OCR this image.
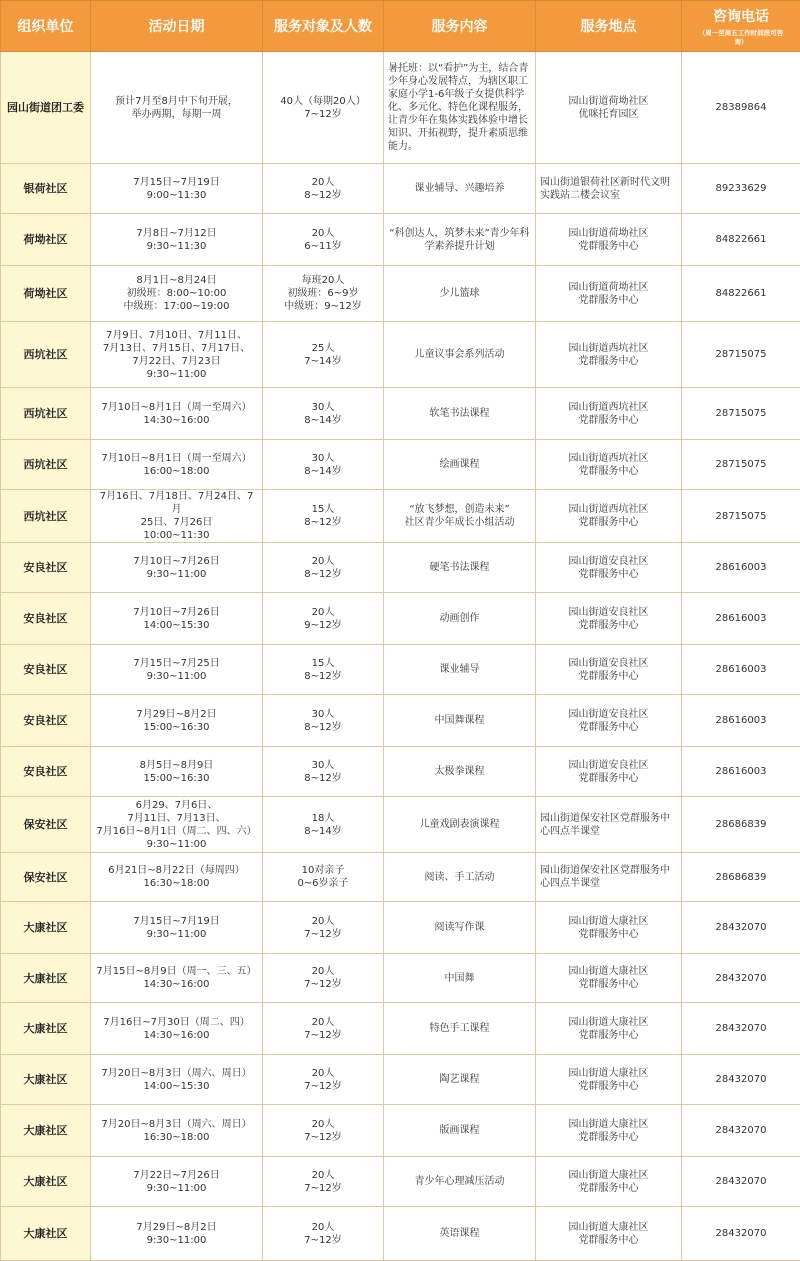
组织单位	活动日期	服务对象及人数	服务内容	服务地点	咨询电话
（周一至周五工作时间段可咨询）

园山街道团工委	预计7月至8月中下旬开展，
举办两期，每期一周	40人（每期20人）
7~12岁	暑托班：以“看护”为主，结合青少年身心发展特点，为辖区职工家庭小学1-6年级子女提供科学化、多元化、特色化课程服务，让青少年在集体实践体验中增长知识、开拓视野，提升素质思维能力。	园山街道荷坳社区
优咪托育园区	28389864

银荷社区	7月15日~7月19日
9:00~11:30	20人
8~12岁	课业辅导、兴趣培养	园山街道银荷社区新时代文明实践站二楼会议室	89233629

荷坳社区	7月8日~7月12日
9:30~11:30	20人
6~11岁	“科创达人，筑梦未来”青少年科学素养提升计划	园山街道荷坳社区
党群服务中心	84822661

荷坳社区	8月1日~8月24日
初级班：8:00~10:00
中级班：17:00~19:00	每班20人
初级班：6~9岁
中级班：9~12岁	少儿篮球	园山街道荷坳社区
党群服务中心	84822661

西坑社区	7月9日、7月10日、7月11日、
7月13日、7月15日、7月17日、
7月22日、7月23日
9:30~11:00	25人
7~14岁	儿童议事会系列活动	园山街道西坑社区
党群服务中心	28715075

西坑社区	7月10日~8月1日（周一至周六）
14:30~16:00	30人
8~14岁	软笔书法课程	园山街道西坑社区
党群服务中心	28715075

西坑社区	7月10日~8月1日（周一至周六）
16:00~18:00	30人
8~14岁	绘画课程	园山街道西坑社区
党群服务中心	28715075

西坑社区	7月16日、7月18日、7月24日、7月
25日、7月26日
10:00~11:30	15人
8~12岁	“放飞梦想，创造未来”
社区青少年成长小组活动	园山街道西坑社区
党群服务中心	28715075

安良社区	7月10日~7月26日
9:30~11:00	20人
8~12岁	硬笔书法课程	园山街道安良社区
党群服务中心	28616003

安良社区	7月10日~7月26日
14:00~15:30	20人
9~12岁	动画创作	园山街道安良社区
党群服务中心	28616003

安良社区	7月15日~7月25日
9:30~11:00	15人
8~12岁	课业辅导	园山街道安良社区
党群服务中心	28616003

安良社区	7月29日~8月2日
15:00~16:30	30人
8~12岁	中国舞课程	园山街道安良社区
党群服务中心	28616003

安良社区	8月5日~8月9日
15:00~16:30	30人
8~12岁	太极拳课程	园山街道安良社区
党群服务中心	28616003

保安社区	6月29、7月6日、
7月11日、7月13日、
7月16日~8月1日（周二、四、六）
9:30~11:00	18人
8~14岁	儿童戏剧表演课程	园山街道保安社区党群服务中心四点半课堂	28686839

保安社区	6月21日~8月22日（每周四）
16:30~18:00	10对亲子
0~6岁亲子	阅读、手工活动	园山街道保安社区党群服务中心四点半课堂	28686839

大康社区	7月15日~7月19日
9:30~11:00	20人
7~12岁	阅读写作课	园山街道大康社区
党群服务中心	28432070

大康社区	7月15日~8月9日（周一、三、五）
14:30~16:00	20人
7~12岁	中国舞	园山街道大康社区
党群服务中心	28432070

大康社区	7月16日~7月30日（周二、四）
14:30~16:00	20人
7~12岁	特色手工课程	园山街道大康社区
党群服务中心	28432070

大康社区	7月20日~8月3日（周六、周日）
14:00~15:30	20人
7~12岁	陶艺课程	园山街道大康社区
党群服务中心	28432070

大康社区	7月20日~8月3日（周六、周日）
16:30~18:00	20人
7~12岁	版画课程	园山街道大康社区
党群服务中心	28432070

大康社区	7月22日~7月26日
9:30~11:00	20人
7~12岁	青少年心理减压活动	园山街道大康社区
党群服务中心	28432070

大康社区	7月29日~8月2日
9:30~11:00	20人
7~12岁	英语课程	园山街道大康社区
党群服务中心	28432070
